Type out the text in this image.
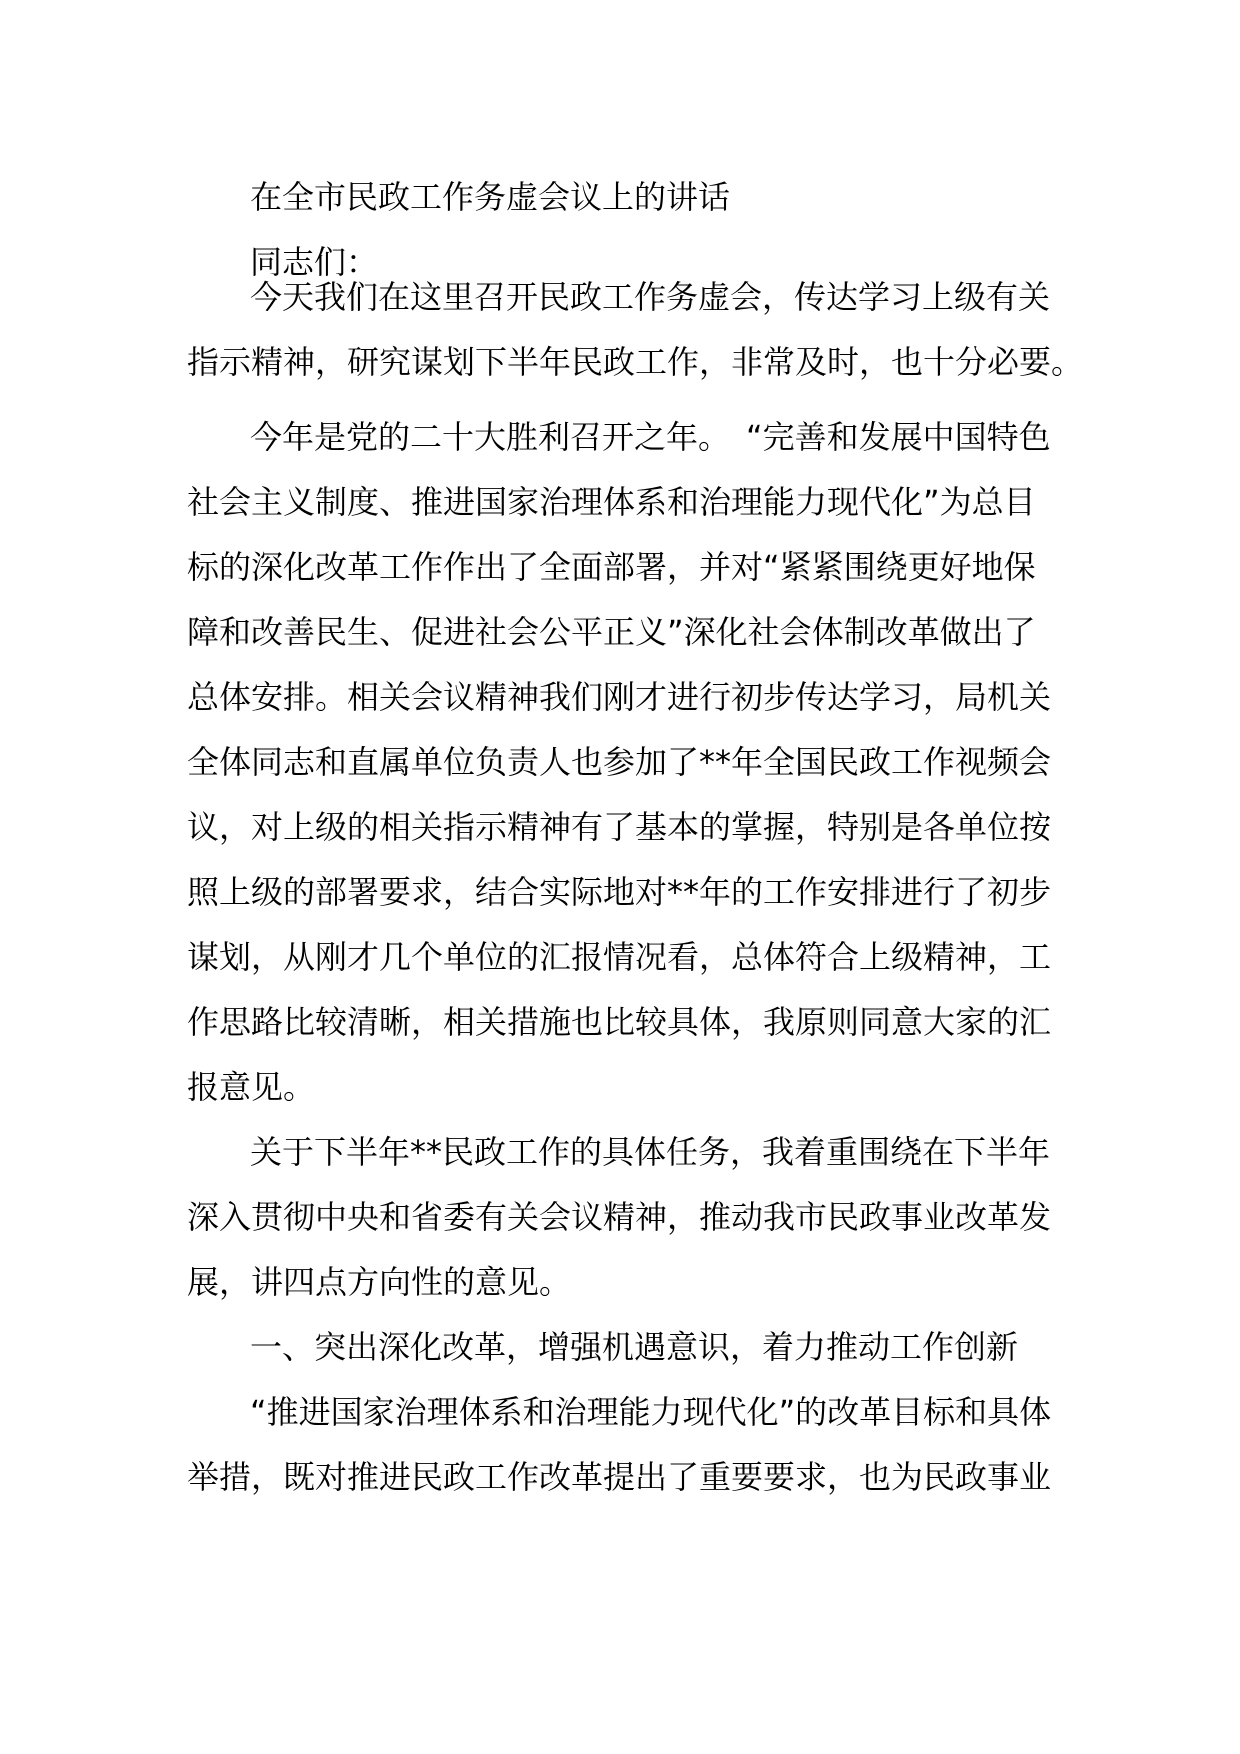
在全市民政工作务虚会议上的讲话
同志们：
今天我们在这里召开民政工作务虚会，传达学习上级有关
指示精神，研究谋划下半年民政工作，非常及时，也十分必要。
今年是党的二十大胜利召开之年。　“完善和发展中国特色
社会主义制度、推进国家治理体系和治理能力现代化”为总目
标的深化改革工作作出了全面部署，并对“紧紧围绕更好地保
障和改善民生、促进社会公平正义”深化社会体制改革做出了
总体安排。相关会议精神我们刚才进行初步传达学习，局机关
全体同志和直属单位负责人也参加了**年全国民政工作视频会
议，对上级的相关指示精神有了基本的掌握，特别是各单位按
照上级的部署要求，结合实际地对**年的工作安排进行了初步
谋划，从刚才几个单位的汇报情况看，总体符合上级精神，工
作思路比较清晰，相关措施也比较具体，我原则同意大家的汇
报意见。
关于下半年**民政工作的具体任务，我着重围绕在下半年
深入贯彻中央和省委有关会议精神，推动我市民政事业改革发
展，讲四点方向性的意见。
一、突出深化改革，增强机遇意识，着力推动工作创新
“推进国家治理体系和治理能力现代化”的改革目标和具体
举措，既对推进民政工作改革提出了重要要求，也为民政事业
